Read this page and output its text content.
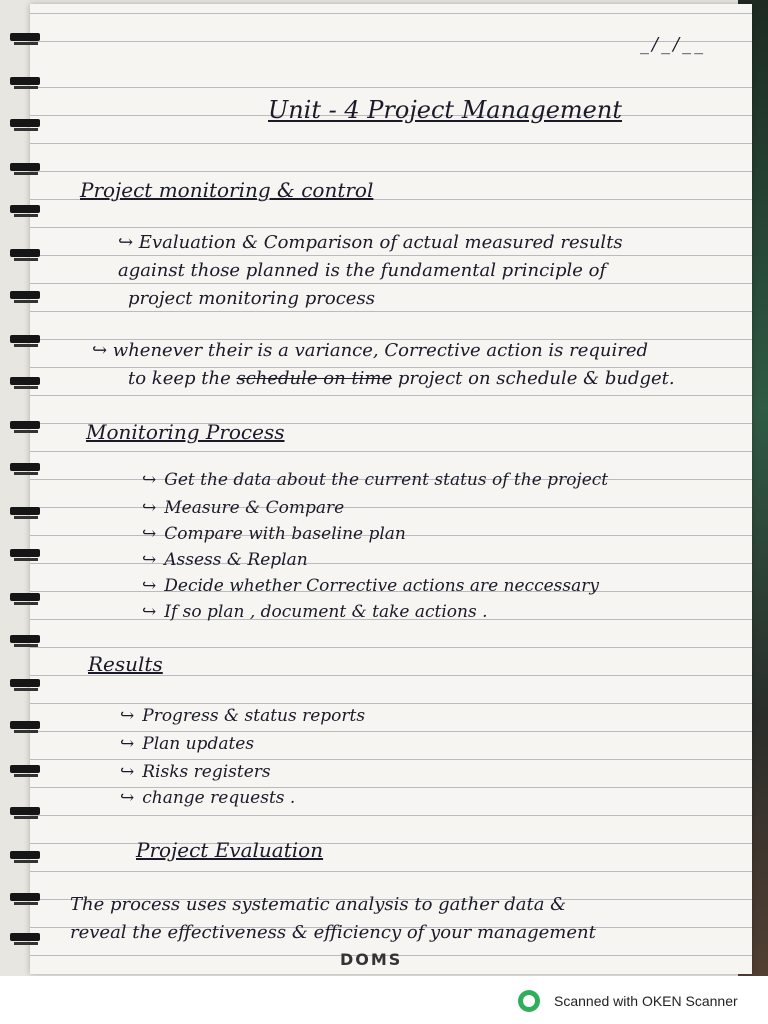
_/_/__
Unit - 4 Project Management
Project monitoring & control
↪ Evaluation & Comparison of actual measured results
against those planned is the fundamental principle of
project monitoring process
↪ whenever their is a variance, Corrective action is required
to keep the schedule on time project on schedule & budget.
Monitoring Process
↪ Get the data about the current status of the project
↪ Measure & Compare
↪ Compare with baseline plan
↪ Assess & Replan
↪ Decide whether Corrective actions are neccessary
↪ If so plan , document & take actions .
Results
↪ Progress & status reports
↪ Plan updates
↪ Risks registers
↪ change requests .
Project Evaluation
The process uses systematic analysis to gather data &
reveal the effectiveness & efficiency of your management
DOMS
Scanned with OKEN Scanner
